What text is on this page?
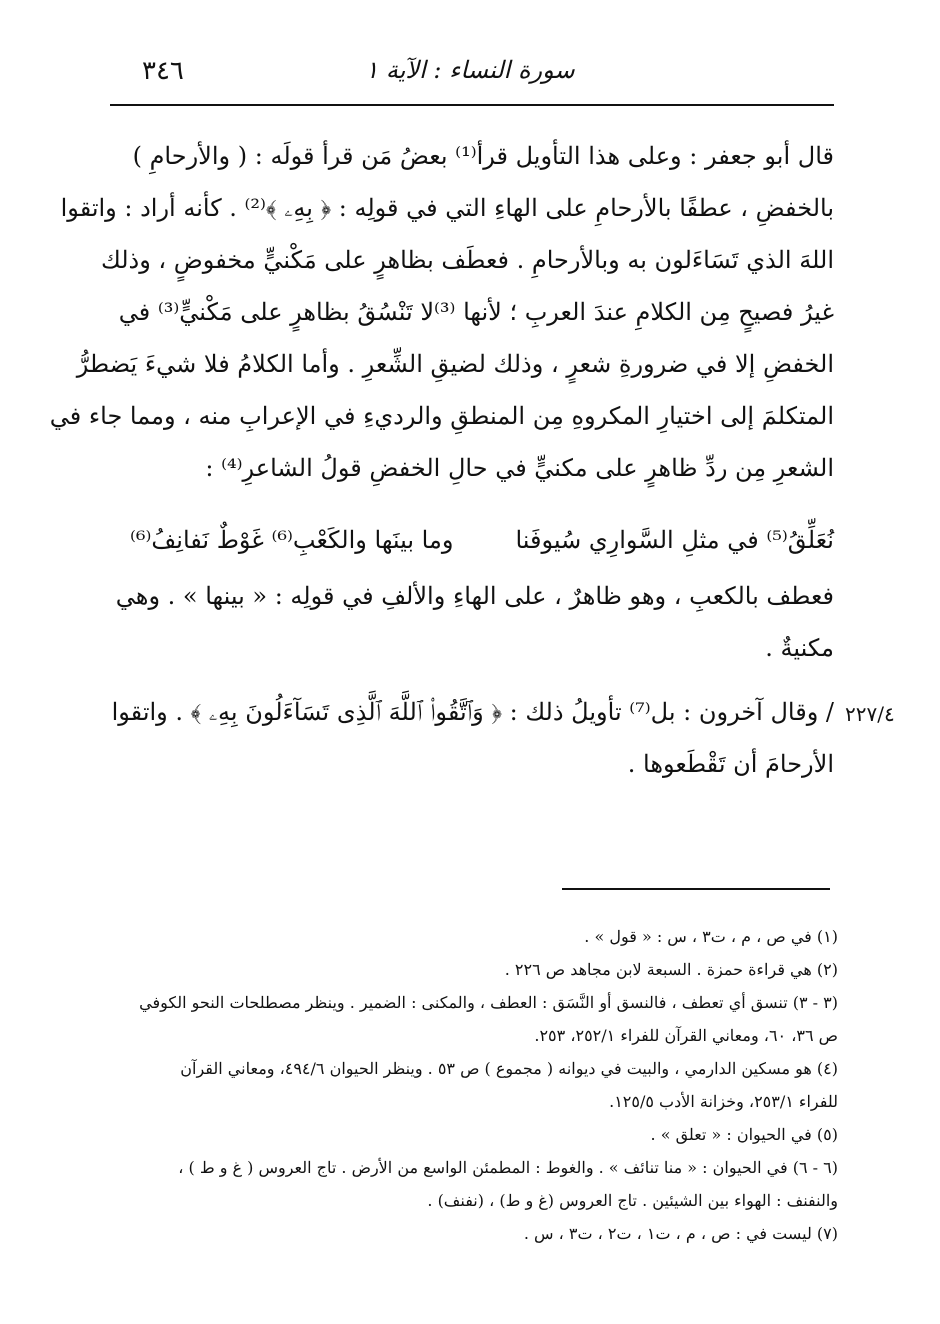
٣٤٦	سورة النساء : الآية ١
قال أبو جعفر : وعلى هذا التأويل قرأ⁽¹⁾ بعضُ مَن قرأ قولَه : ( والأرحامِ )
بالخفضِ ، عطفًا بالأرحامِ على الهاءِ التي في قولِه : ﴿ بِهِۦ ﴾⁽²⁾ . كأنه أراد : واتقوا
اللهَ الذي تَسَاءَلون به وبالأرحامِ . فعطَف بظاهرٍ على مَكْنيٍّ مخفوضٍ ، وذلك
غيرُ فصيحٍ مِن الكلامِ عندَ العربِ ؛ لأنها ⁽³⁾لا تَنْسُقُ بظاهرٍ على مَكْنيٍّ⁽³⁾ في
الخفضِ إلا في ضرورةِ شعرٍ ، وذلك لضيقِ الشِّعرِ . وأما الكلامُ فلا شيءَ يَضطرُّ
المتكلمَ إلى اختيارِ المكروهِ مِن المنطقِ والرديءِ في الإعرابِ منه ، ومما جاء في
الشعرِ مِن ردِّ ظاهرٍ على مكنيٍّ في حالِ الخفضِ قولُ الشاعرِ⁽⁴⁾ :
نُعَلِّقُ⁽⁵⁾ في مثلِ السَّوارِي سُيوفَنا
وما بينَها والكَعْبِ⁽⁶⁾ غَوْطٌ نَفانِفُ⁽⁶⁾
فعطف بالكعبِ ، وهو ظاهرٌ ، على الهاءِ والألفِ في قولِه : « بينها » . وهي
مكنيةٌ .
٢٢٧/٤
/ وقال آخرون : بل⁽⁷⁾ تأويلُ ذلك : ﴿ وَٱتَّقُوا۟ ٱللَّهَ ٱلَّذِى تَسَآءَلُونَ بِهِۦ ﴾ . واتقوا
الأرحامَ أن تَقْطَعوها .
(١) في ص ، م ، ت٣ ، س : « قول » .
(٢) هي قراءة حمزة . السبعة لابن مجاهد ص ٢٢٦ .
(٣ - ٣) تنسق أي تعطف ، فالنسق أو النَّسَق : العطف ، والمكنى : الضمير . وينظر مصطلحات النحو الكوفي
ص ٣٦، ٦٠، ومعاني القرآن للفراء ٢٥٢/١، ٢٥٣.
(٤) هو مسكين الدارمي ، والبيت في ديوانه ( مجموع ) ص ٥٣ . وينظر الحيوان ٤٩٤/٦، ومعاني القرآن
للفراء ٢٥٣/١، وخزانة الأدب ١٢٥/٥.
(٥) في الحيوان : « تعلق » .
(٦ - ٦) في الحيوان : « منا تنائف » . والغوط : المطمئن الواسع من الأرض . تاج العروس ( غ و ط ) ،
والنفنف : الهواء بين الشيئين . تاج العروس (غ و ط) ، (نفنف) .
(٧) ليست في : ص ، م ، ت١ ، ت٢ ، ت٣ ، س .
